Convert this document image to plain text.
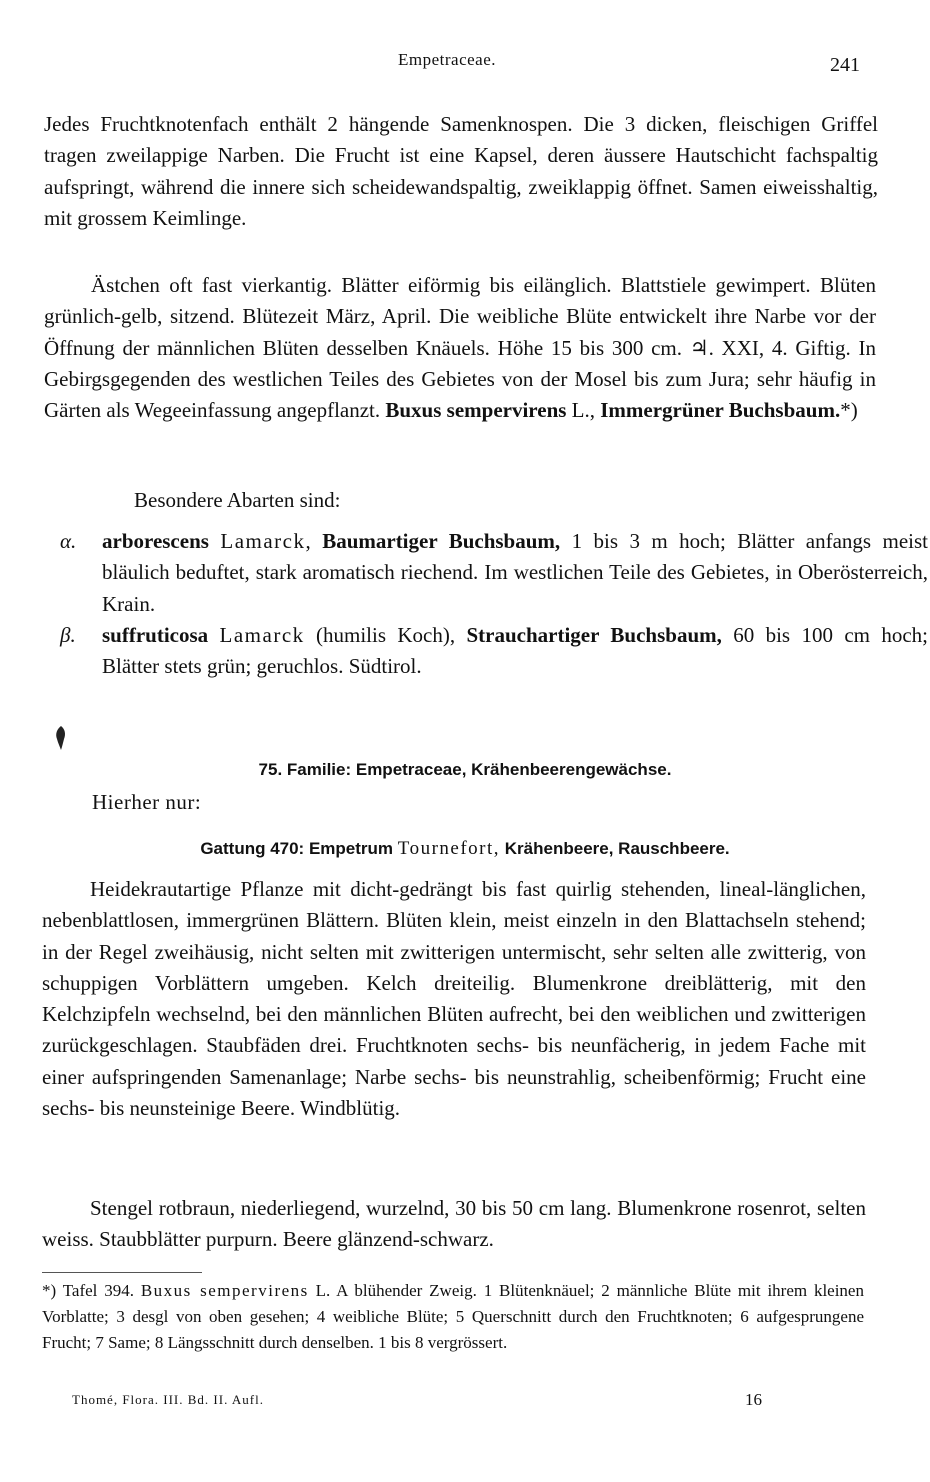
Empetraceae.	241

Jedes Fruchtknotenfach enthält 2 hängende Samenknospen. Die 3 dicken, fleischigen Griffel tragen zweilappige Narben. Die Frucht ist eine Kapsel, deren äussere Hautschicht fachspaltig aufspringt, während die innere sich scheidewandspaltig, zweiklappig öffnet. Samen eiweisshaltig, mit grossem Keimlinge.

Ästchen oft fast vierkantig. Blätter eiförmig bis eilänglich. Blattstiele gewimpert. Blüten grünlich-gelb, sitzend. Blütezeit März, April. Die weibliche Blüte entwickelt ihre Narbe vor der Öffnung der männlichen Blüten desselben Knäuels. Höhe 15 bis 300 cm. ♃. XXI, 4. Giftig. In Gebirgsgegenden des westlichen Teiles des Gebietes von der Mosel bis zum Jura; sehr häufig in Gärten als Wegeeinfassung angepflanzt. Buxus sempervirens L., Immergrüner Buchsbaum.*)

Besondere Abarten sind:
α. arborescens Lamarck, Baumartiger Buchsbaum, 1 bis 3 m hoch; Blätter anfangs meist bläulich beduftet, stark aromatisch riechend. Im westlichen Teile des Gebietes, in Oberösterreich, Krain.
β. suffruticosa Lamarck (humilis Koch), Strauchartiger Buchsbaum, 60 bis 100 cm hoch; Blätter stets grün; geruchlos. Südtirol.
75. Familie: Empetraceae, Krähenbeerengewächse.
Hierher nur:
Gattung 470: Empetrum Tournefort, Krähenbeere, Rauschbeere.

Heidekrautartige Pflanze mit dicht-gedrängt bis fast quirlig stehenden, lineal-länglichen, nebenblattlosen, immergrünen Blättern. Blüten klein, meist einzeln in den Blattachseln stehend; in der Regel zweihäusig, nicht selten mit zwitterigen untermischt, sehr selten alle zwitterig, von schuppigen Vorblättern umgeben. Kelch dreiteilig. Blumenkrone dreiblätterig, mit den Kelchzipfeln wechselnd, bei den männlichen Blüten aufrecht, bei den weiblichen und zwitterigen zurückgeschlagen. Staubfäden drei. Fruchtknoten sechs- bis neunfächerig, in jedem Fache mit einer aufspringenden Samenanlage; Narbe sechs- bis neunstrahlig, scheibenförmig; Frucht eine sechs- bis neunsteinige Beere. Windblütig.

Stengel rotbraun, niederliegend, wurzelnd, 30 bis 50 cm lang. Blumenkrone rosenrot, selten weiss. Staubblätter purpurn. Beere glänzend-schwarz.

*) Tafel 394. Buxus sempervirens L. A blühender Zweig. 1 Blütenknäuel; 2 männliche Blüte mit ihrem kleinen Vorblatte; 3 desgl von oben gesehen; 4 weibliche Blüte; 5 Querschnitt durch den Fruchtknoten; 6 aufgesprungene Frucht; 7 Same; 8 Längsschnitt durch denselben. 1 bis 8 vergrössert.
Thomé, Flora. III. Bd. II. Aufl.	16
